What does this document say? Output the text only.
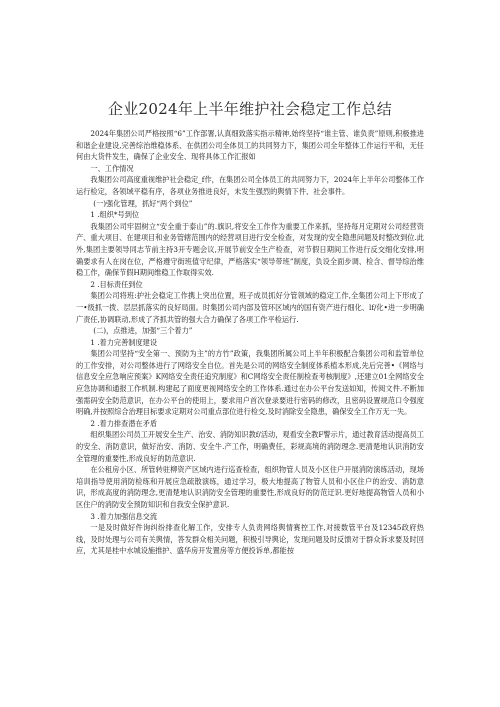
企业2024年上半年维护社会稳定工作总结

2024年集团公司严格按照“6”工作部署,认真细致落实指示精神,始终坚持“谁主管、谁负责”原则,积极推进和谐企业建设,完善综治维稳体系、在供团公司全体员工的共同努力下，集团公司全年整体工作运行平和，无任何由大货件发生，确保了企业安全、现将具体工作汇报如

一、工作情况

我集团公司高度重视维护社会稳定_f作，在集团公司全体员工的共同努力下，2024年上半年公司整体工作运行检定，各领域平稳有序，各项业务推进良好，未发生强烈的舆情下件、社会事件。

(一)强化管理，抓好“两个到位”

1 .组织*号到位

我集团公司牢固树立“安全重于泰山”的.旗识,将安全工作作为重要工作来抓，坚持每月定期对公司经营资产、重大项目、在建项目和业务管辖范围内的经营项目进行安全检查，对发现的安全隐患问题及时整改到位.此外,集团主要领导同志节前主持3开专题会议,开展节前安全生产检查，对节假日期间工作进行反交细化安排,明确要求有人在岗在位，严格遵守街班值守纪律，严格落实“领导带班”制度，负设全面步调、检含、督导综治维稳工作，确保节假H期间维稳工作取得实效.

2 .目标责任到位

集团公司将班:护社会稳定工作携上突出位置，班子成员抓好分管领域的稳定工作,全集团公司上下形成了一•级抓一拨、层层抓落实的良好局面。时集团公司内部及管环区域内的国有资产进行细化、lf/化•进一步明确广责任,协调联动,形成了齐抓共管的强大合力确保了各项工作平检运行.

(二)，点推进，加强“三个着力”

1 .着力完善制度建设

集团公司坚持“安全第一、预防为主”的方竹”政策，我集团所属公司上半年积极配合集团公司和监管单位的工作安排，对公司整体进行了网络安全自位。首先是公司的网络安全制度体系植本形成,先后完善•《网络与信息安全应急响应预案》K网络安全责任追究制度》和C网络安全责任制检查考核制度》,还建立01全网络安全应急协调和通报工作机制.构建起了面度更视网络安全的工作体系.通过在办公平台发送如知，传阅文件.不断加强需码安全防范意识，在办公平台的使用上，要求用户首次登录要进行密码的修改，且密码设置规范口令强度明确,并按照综合治理目标要求定期对公司重点部位进行检交,及时消除安全隐患，确保安全工作万无一失。

2 .着力排查潜在矛盾

组织集团公司员工开展安全生产、治安、消防知识教f/活动，观看安全教F警示片，通过教育活动提高员工的安全、消防意识，做好治安、消防、安全牛.产工作，明确费任，彩规高境的消防理念.更清楚地认识消防安全管理的重要性,形成良好的防范意识.

在公租房小区、所管转驻柳资产区域内进行巡查检查，组织物管人员及小区住户开展消防演练活动，现场培训指导使用消防检练和开展应急疏散演练，通过学习，极大地提高了物管人员和小区住户的治安、消防意识，形成高度的消防理念,更清楚地认识消防安全管理的重要性,形成良好的防范迂识.更好地提高物管人员和小区住户的消防安全预防知识和自我安全保护意识.

3 .着力加强信息交流

一是及时做好件询纠纷排查化解工作，安排专人负责网络舆情赛控工作,对接数管平台及12345政府热线，及时处理与公司有关舆情，答发群众相关问题，积极引导舆论，发现问题及时反馈对于群众诉求要及时回应，尤其是桂中水城设施推护、盛华房开发置房等方便投诉单,都能按
